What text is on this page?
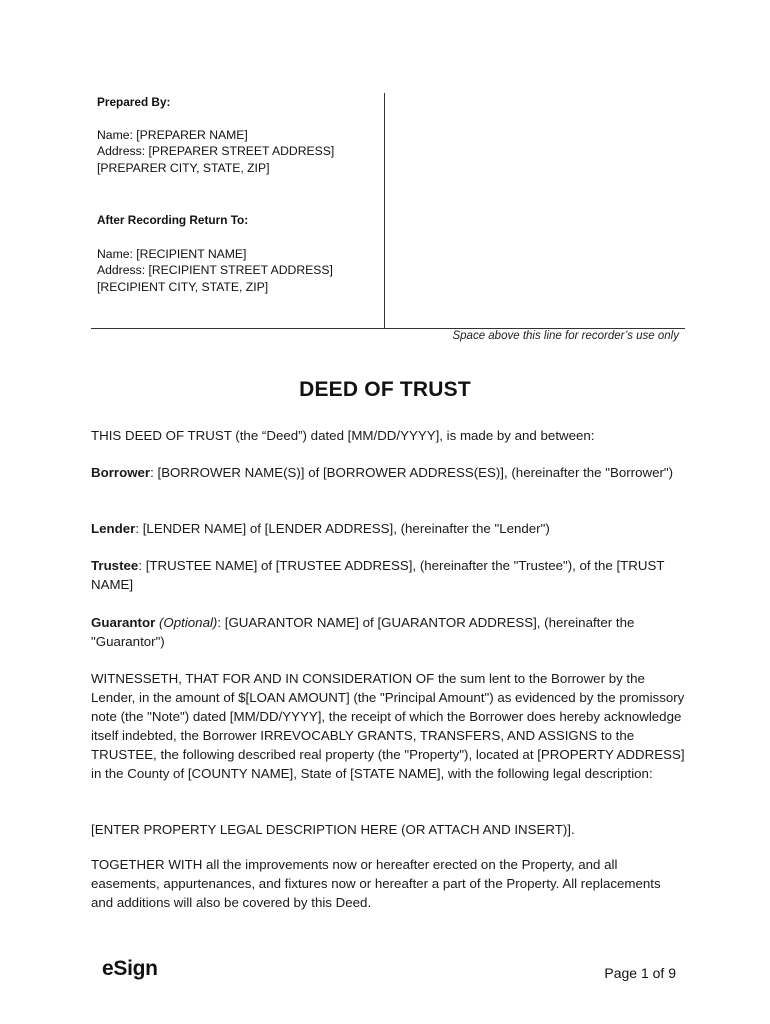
Prepared By:

Name: [PREPARER NAME]

Address: [PREPARER STREET ADDRESS]

[PREPARER CITY, STATE, ZIP]

After Recording Return To:

Name: [RECIPIENT NAME]

Address: [RECIPIENT STREET ADDRESS]

[RECIPIENT CITY, STATE, ZIP]

Space above this line for recorder’s use only
DEED OF TRUST

THIS DEED OF TRUST (the “Deed”) dated [MM/DD/YYYY], is made by and between:

Borrower: [BORROWER NAME(S)] of [BORROWER ADDRESS(ES)], (hereinafter the "Borrower")

Lender: [LENDER NAME] of [LENDER ADDRESS], (hereinafter the "Lender")

Trustee: [TRUSTEE NAME] of [TRUSTEE ADDRESS], (hereinafter the "Trustee"), of the [TRUST NAME]

Guarantor (Optional): [GUARANTOR NAME] of [GUARANTOR ADDRESS], (hereinafter the "Guarantor")

WITNESSETH, THAT FOR AND IN CONSIDERATION OF the sum lent to the Borrower by the Lender, in the amount of $[LOAN AMOUNT] (the "Principal Amount") as evidenced by the promissory note (the "Note") dated [MM/DD/YYYY], the receipt of which the Borrower does hereby acknowledge itself indebted, the Borrower IRREVOCABLY GRANTS, TRANSFERS, AND ASSIGNS to the TRUSTEE, the following described real property (the "Property"), located at [PROPERTY ADDRESS] in the County of [COUNTY NAME], State of [STATE NAME], with the following legal description:

[ENTER PROPERTY LEGAL DESCRIPTION HERE (OR ATTACH AND INSERT)].

TOGETHER WITH all the improvements now or hereafter erected on the Property, and all easements, appurtenances, and fixtures now or hereafter a part of the Property. All replacements and additions will also be covered by this Deed.

eSign	Page 1 of 9
